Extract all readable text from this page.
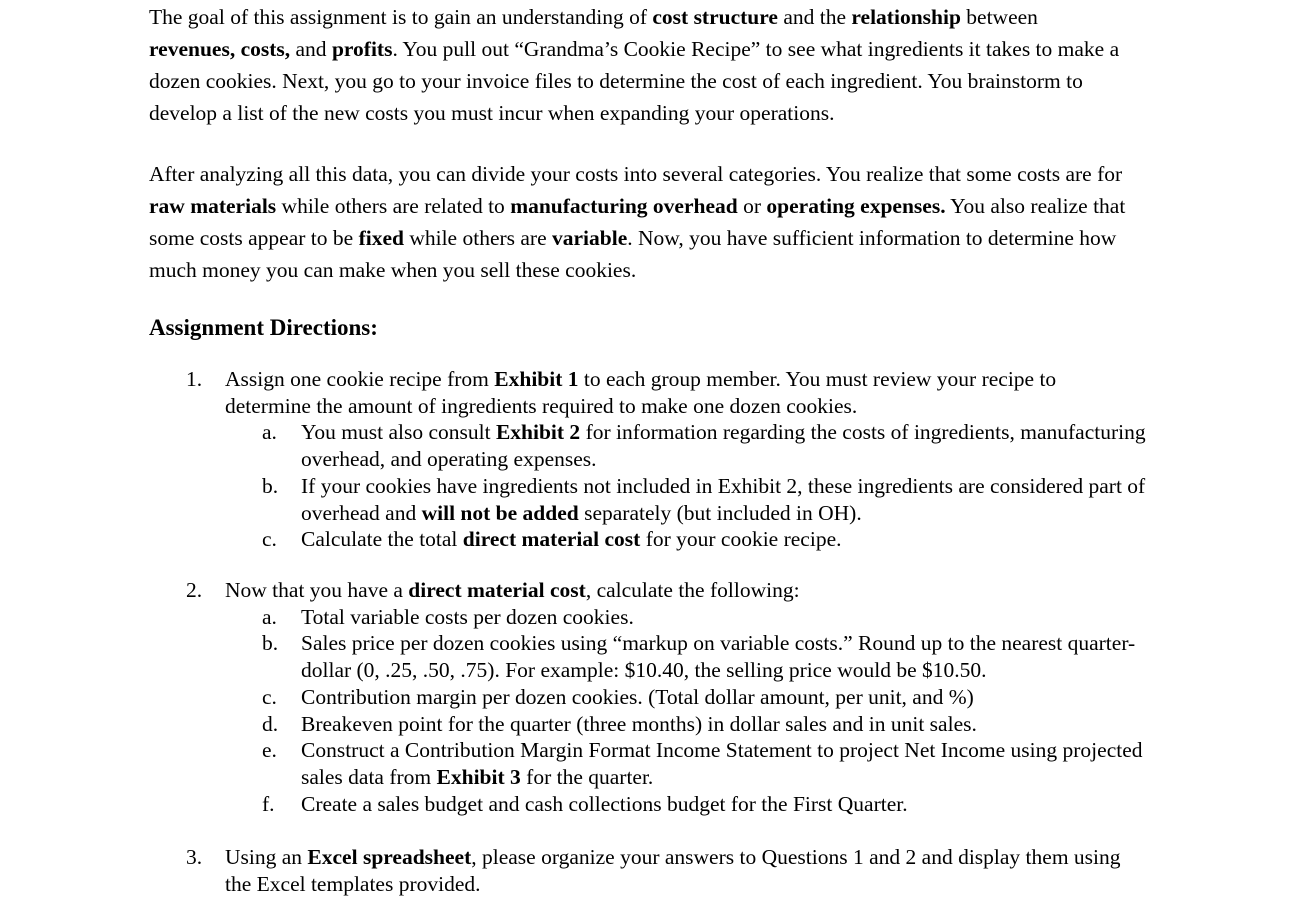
The goal of this assignment is to gain an understanding of cost structure and the relationship between
revenues, costs, and profits. You pull out “Grandma’s Cookie Recipe” to see what ingredients it takes to make a dozen cookies. Next, you go to your invoice files to determine the cost of each ingredient. You brainstorm to develop a list of the new costs you must incur when expanding your operations.

After analyzing all this data, you can divide your costs into several categories. You realize that some costs are for raw materials while others are related to manufacturing overhead or operating expenses. You also realize that some costs appear to be fixed while others are variable. Now, you have sufficient information to determine how much money you can make when you sell these cookies.

Assignment Directions:
1. Assign one cookie recipe from Exhibit 1 to each group member. You must review your recipe to determine the amount of ingredients required to make one dozen cookies.
a. You must also consult Exhibit 2 for information regarding the costs of ingredients, manufacturing overhead, and operating expenses.
b. If your cookies have ingredients not included in Exhibit 2, these ingredients are considered part of overhead and will not be added separately (but included in OH).
c. Calculate the total direct material cost for your cookie recipe.
2. Now that you have a direct material cost, calculate the following:
a. Total variable costs per dozen cookies.
b. Sales price per dozen cookies using “markup on variable costs.” Round up to the nearest quarter-dollar (0, .25, .50, .75). For example: $10.40, the selling price would be $10.50.
c. Contribution margin per dozen cookies. (Total dollar amount, per unit, and %)
d. Breakeven point for the quarter (three months) in dollar sales and in unit sales.
e. Construct a Contribution Margin Format Income Statement to project Net Income using projected sales data from Exhibit 3 for the quarter.
f. Create a sales budget and cash collections budget for the First Quarter.
3. Using an Excel spreadsheet, please organize your answers to Questions 1 and 2 and display them using the Excel templates provided.
